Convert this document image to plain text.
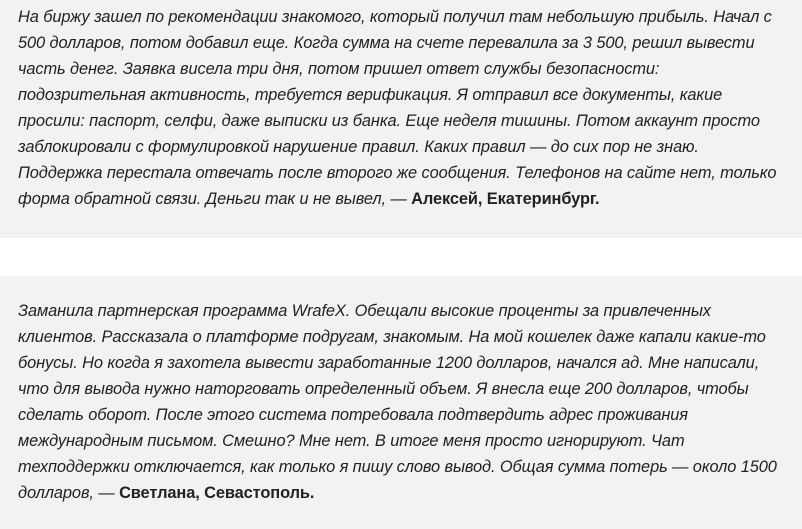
На биржу зашел по рекомендации знакомого, который получил там небольшую прибыль. Начал с 500 долларов, потом добавил еще. Когда сумма на счете перевалила за 3 500, решил вывести часть денег. Заявка висела три дня, потом пришел ответ службы безопасности: подозрительная активность, требуется верификация. Я отправил все документы, какие просили: паспорт, селфи, даже выписки из банка. Еще неделя тишины. Потом аккаунт просто заблокировали с формулировкой нарушение правил. Каких правил — до сих пор не знаю. Поддержка перестала отвечать после второго же сообщения. Телефонов на сайте нет, только форма обратной связи. Деньги так и не вывел, — Алексей, Екатеринбург.

Заманила партнерская программа WrafeX. Обещали высокие проценты за привлеченных клиентов. Рассказала о платформе подругам, знакомым. На мой кошелек даже капали какие-то бонусы. Но когда я захотела вывести заработанные 1200 долларов, начался ад. Мне написали, что для вывода нужно наторговать определенный объем. Я внесла еще 200 долларов, чтобы сделать оборот. После этого система потребовала подтвердить адрес проживания международным письмом. Смешно? Мне нет. В итоге меня просто игнорируют. Чат техподдержки отключается, как только я пишу слово вывод. Общая сумма потерь — около 1500 долларов, — Светлана, Севастополь.
